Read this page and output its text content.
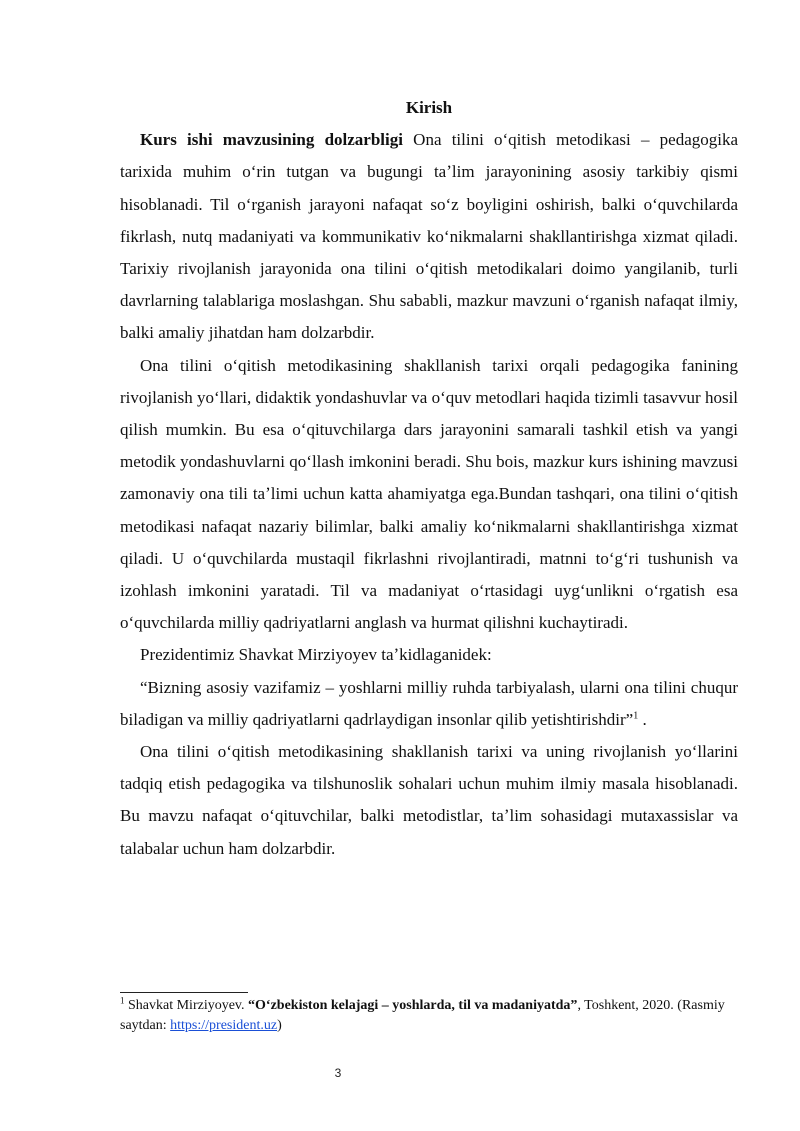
Kirish

Kurs ishi mavzusining dolzarbligi Ona tilini oʻqitish metodikasi – pedagogika tarixida muhim oʻrin tutgan va bugungi taʼlim jarayonining asosiy tarkibiy qismi hisoblanadi. Til oʻrganish jarayoni nafaqat soʻz boyligini oshirish, balki oʻquvchilarda fikrlash, nutq madaniyati va kommunikativ koʻnikmalarni shakllantirishga xizmat qiladi. Tarixiy rivojlanish jarayonida ona tilini oʻqitish metodikalari doimo yangilanib, turli davrlarning talablariga moslashgan. Shu sababli, mazkur mavzuni oʻrganish nafaqat ilmiy, balki amaliy jihatdan ham dolzarbdir.

Ona tilini oʻqitish metodikasining shakllanish tarixi orqali pedagogika fanining rivojlanish yoʻllari, didaktik yondashuvlar va oʻquv metodlari haqida tizimli tasavvur hosil qilish mumkin. Bu esa oʻqituvchilarga dars jarayonini samarali tashkil etish va yangi metodik yondashuvlarni qoʻllash imkonini beradi. Shu bois, mazkur kurs ishining mavzusi zamonaviy ona tili taʼlimi uchun katta ahamiyatga ega.Bundan tashqari, ona tilini oʻqitish metodikasi nafaqat nazariy bilimlar, balki amaliy koʻnikmalarni shakllantirishga xizmat qiladi. U oʻquvchilarda mustaqil fikrlashni rivojlantiradi, matnni toʻgʻri tushunish va izohlash imkonini yaratadi. Til va madaniyat oʻrtasidagi uygʻunlikni oʻrgatish esa oʻquvchilarda milliy qadriyatlarni anglash va hurmat qilishni kuchaytiradi.

Prezidentimiz Shavkat Mirziyoyev taʼkidlaganidek:

“Bizning asosiy vazifamiz – yoshlarni milliy ruhda tarbiyalash, ularni ona tilini chuqur biladigan va milliy qadriyatlarni qadrlaydigan insonlar qilib yetishtirishdir”$^1$ .

Ona tilini oʻqitish metodikasining shakllanish tarixi va uning rivojlanish yoʻllarini tadqiq etish pedagogika va tilshunoslik sohalari uchun muhim ilmiy masala hisoblanadi. Bu mavzu nafaqat oʻqituvchilar, balki metodistlar, taʼlim sohasidagi mutaxassislar va talabalar uchun ham dolzarbdir.

$^1$ Shavkat Mirziyoyev. “Oʻzbekiston kelajagi – yoshlarda, til va madaniyatda”, Toshkent, 2020. (Rasmiy saytdan: https://president.uz)
3
